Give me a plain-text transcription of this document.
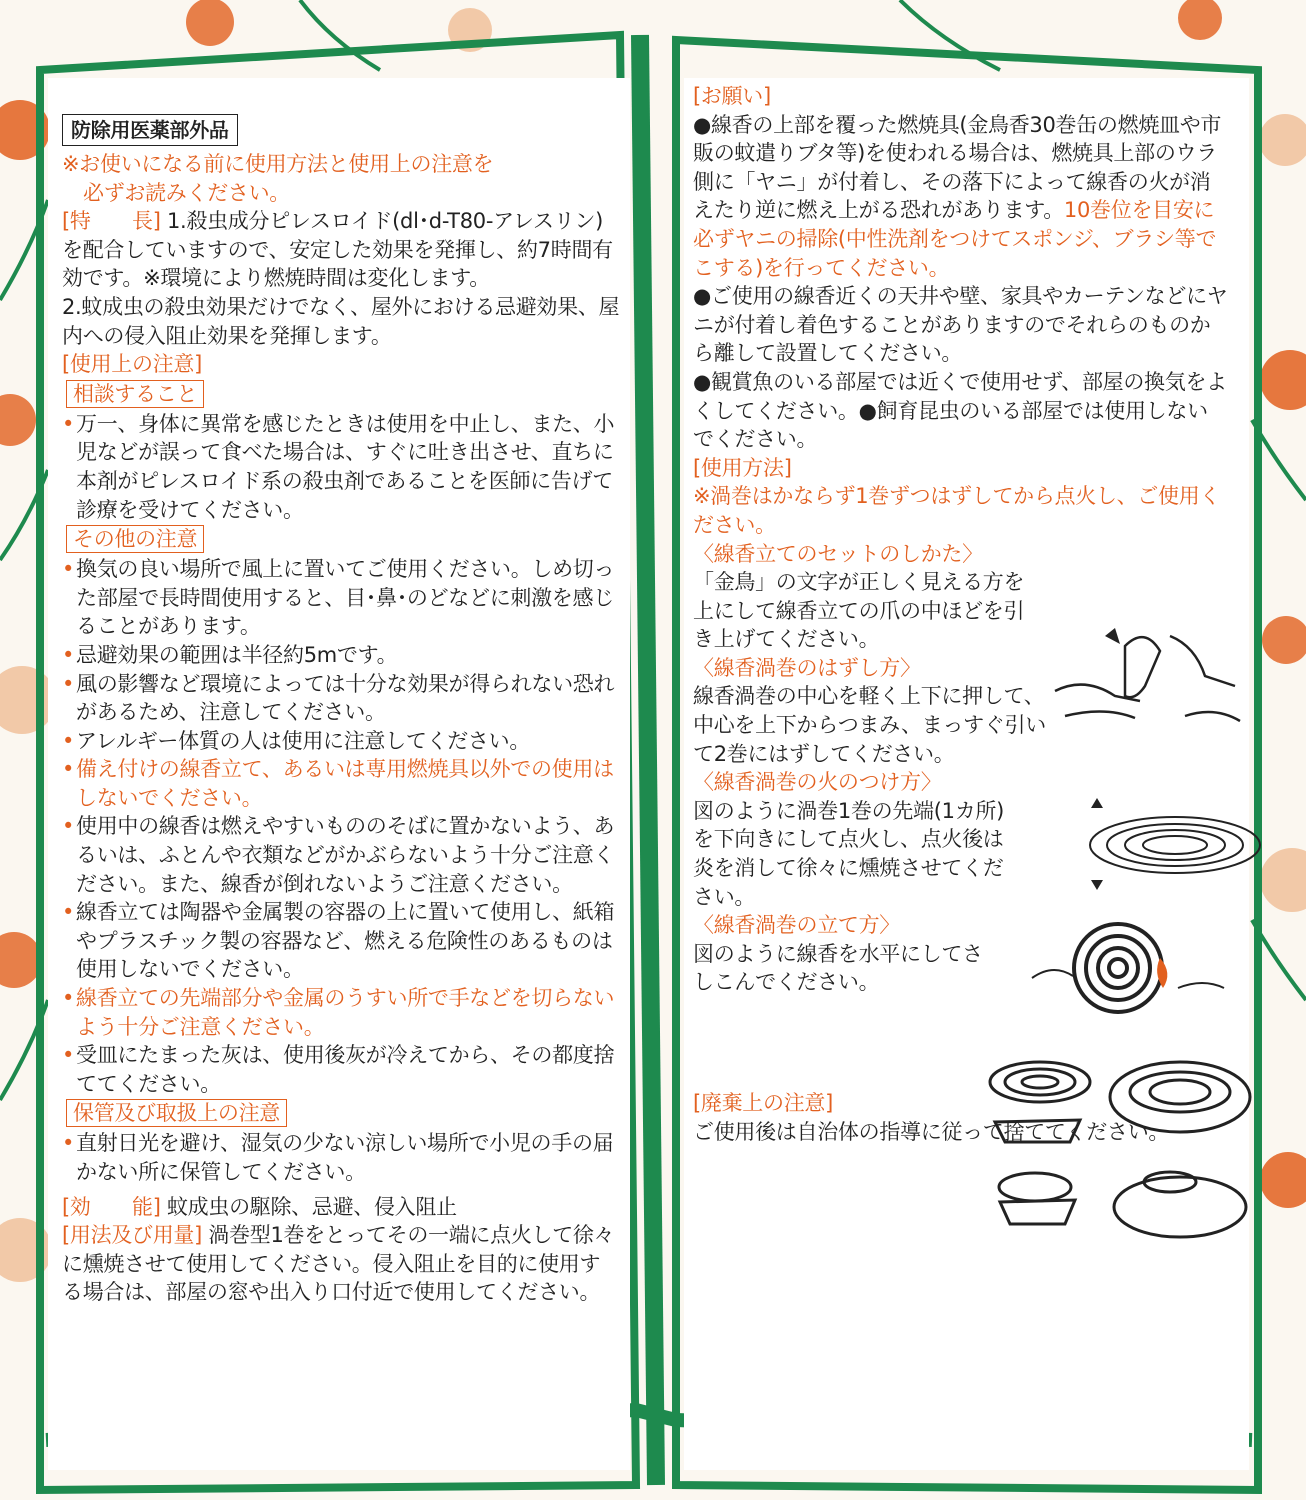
防除用医薬部外品

※お使いになる前に使用方法と使用上の注意を
必ずお読みください。

[特　　長] 1.殺虫成分ピレスロイド(dl･d-T80-アレスリン)を配合していますので、安定した効果を発揮し、約7時間有効です。※環境により燃焼時間は変化します。

2.蚊成虫の殺虫効果だけでなく、屋外における忌避効果、屋内への侵入阻止効果を発揮します。

[使用上の注意]

相談すること

• 万一、身体に異常を感じたときは使用を中止し、また、小児などが誤って食べた場合は、すぐに吐き出させ、直ちに本剤がピレスロイド系の殺虫剤であることを医師に告げて診療を受けてください。

その他の注意

• 換気の良い場所で風上に置いてご使用ください。しめ切った部屋で長時間使用すると、目･鼻･のどなどに刺激を感じることがあります。

• 忌避効果の範囲は半径約5mです。

• 風の影響など環境によっては十分な効果が得られない恐れがあるため、注意してください。

• アレルギー体質の人は使用に注意してください。

• 備え付けの線香立て、あるいは専用燃焼具以外での使用はしないでください。

• 使用中の線香は燃えやすいもののそばに置かないよう、あるいは、ふとんや衣類などがかぶらないよう十分ご注意ください。また、線香が倒れないようご注意ください。

• 線香立ては陶器や金属製の容器の上に置いて使用し、紙箱やプラスチック製の容器など、燃える危険性のあるものは使用しないでください。

• 線香立ての先端部分や金属のうすい所で手などを切らないよう十分ご注意ください。

• 受皿にたまった灰は、使用後灰が冷えてから、その都度捨ててください。

保管及び取扱上の注意

• 直射日光を避け、湿気の少ない涼しい場所で小児の手の届かない所に保管してください。

[効　　能] 蚊成虫の駆除、忌避、侵入阻止

[用法及び用量] 渦巻型1巻をとってその一端に点火して徐々に燻焼させて使用してください。侵入阻止を目的に使用する場合は、部屋の窓や出入り口付近で使用してください。

[お願い]

●線香の上部を覆った燃焼具(金鳥香30巻缶の燃焼皿や市販の蚊遣りブタ等)を使われる場合は、燃焼具上部のウラ側に「ヤニ」が付着し、その落下によって線香の火が消えたり逆に燃え上がる恐れがあります。10巻位を目安に必ずヤニの掃除(中性洗剤をつけてスポンジ、ブラシ等でこする)を行ってください。

●ご使用の線香近くの天井や壁、家具やカーテンなどにヤニが付着し着色することがありますのでそれらのものから離して設置してください。

●観賞魚のいる部屋では近くで使用せず、部屋の換気をよくしてください。●飼育昆虫のいる部屋では使用しないでください。

[使用方法]

※渦巻はかならず1巻ずつはずしてから点火し、ご使用ください。

〈線香立てのセットのしかた〉

「金鳥」の文字が正しく見える方を上にして線香立ての爪の中ほどを引き上げてください。

〈線香渦巻のはずし方〉

線香渦巻の中心を軽く上下に押して、中心を上下からつまみ、まっすぐ引いて2巻にはずしてください。

〈線香渦巻の火のつけ方〉

図のように渦巻1巻の先端(1カ所)を下向きにして点火し、点火後は炎を消して徐々に燻焼させてください。

〈線香渦巻の立て方〉

図のように線香を水平にしてさしこんでください。

[廃棄上の注意]

ご使用後は自治体の指導に従って捨ててください。
